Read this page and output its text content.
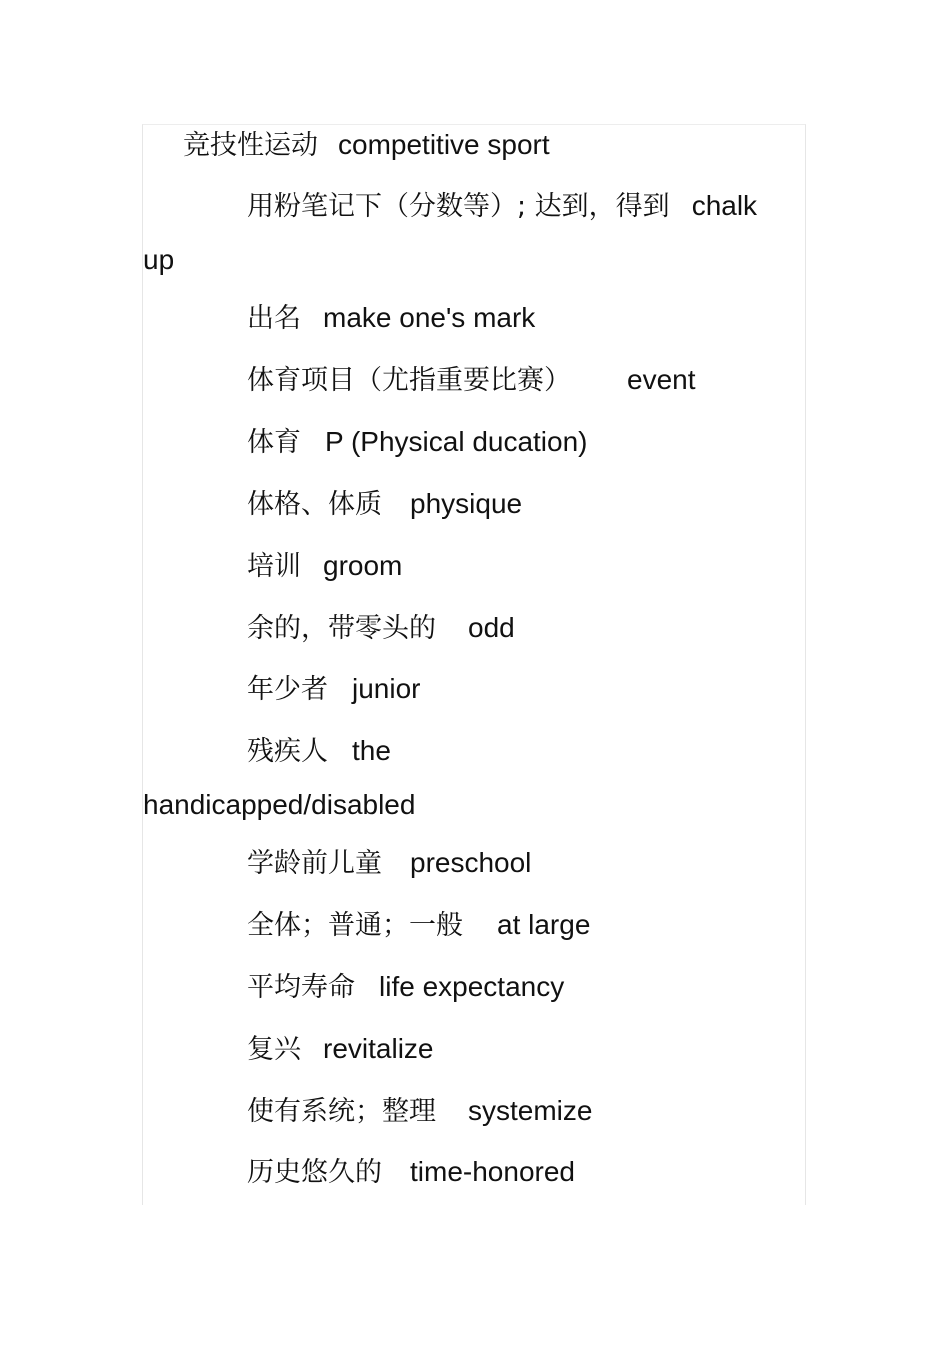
竞技性运动 competitive sport
用粉笔记下（分数等）; 达到，得到 chalk
up
出名 make one's mark
体育项目（尤指重要比赛） event
体育 P (Physical ducation)
体格、体质 physique
培训 groom
余的，带零头的 odd
年少者 junior
残疾人 the
handicapped/disabled
学龄前儿童 preschool
全体；普通；一般 at large
平均寿命 life expectancy
复兴 revitalize
使有系统；整理 systemize
历史悠久的 time-honored
